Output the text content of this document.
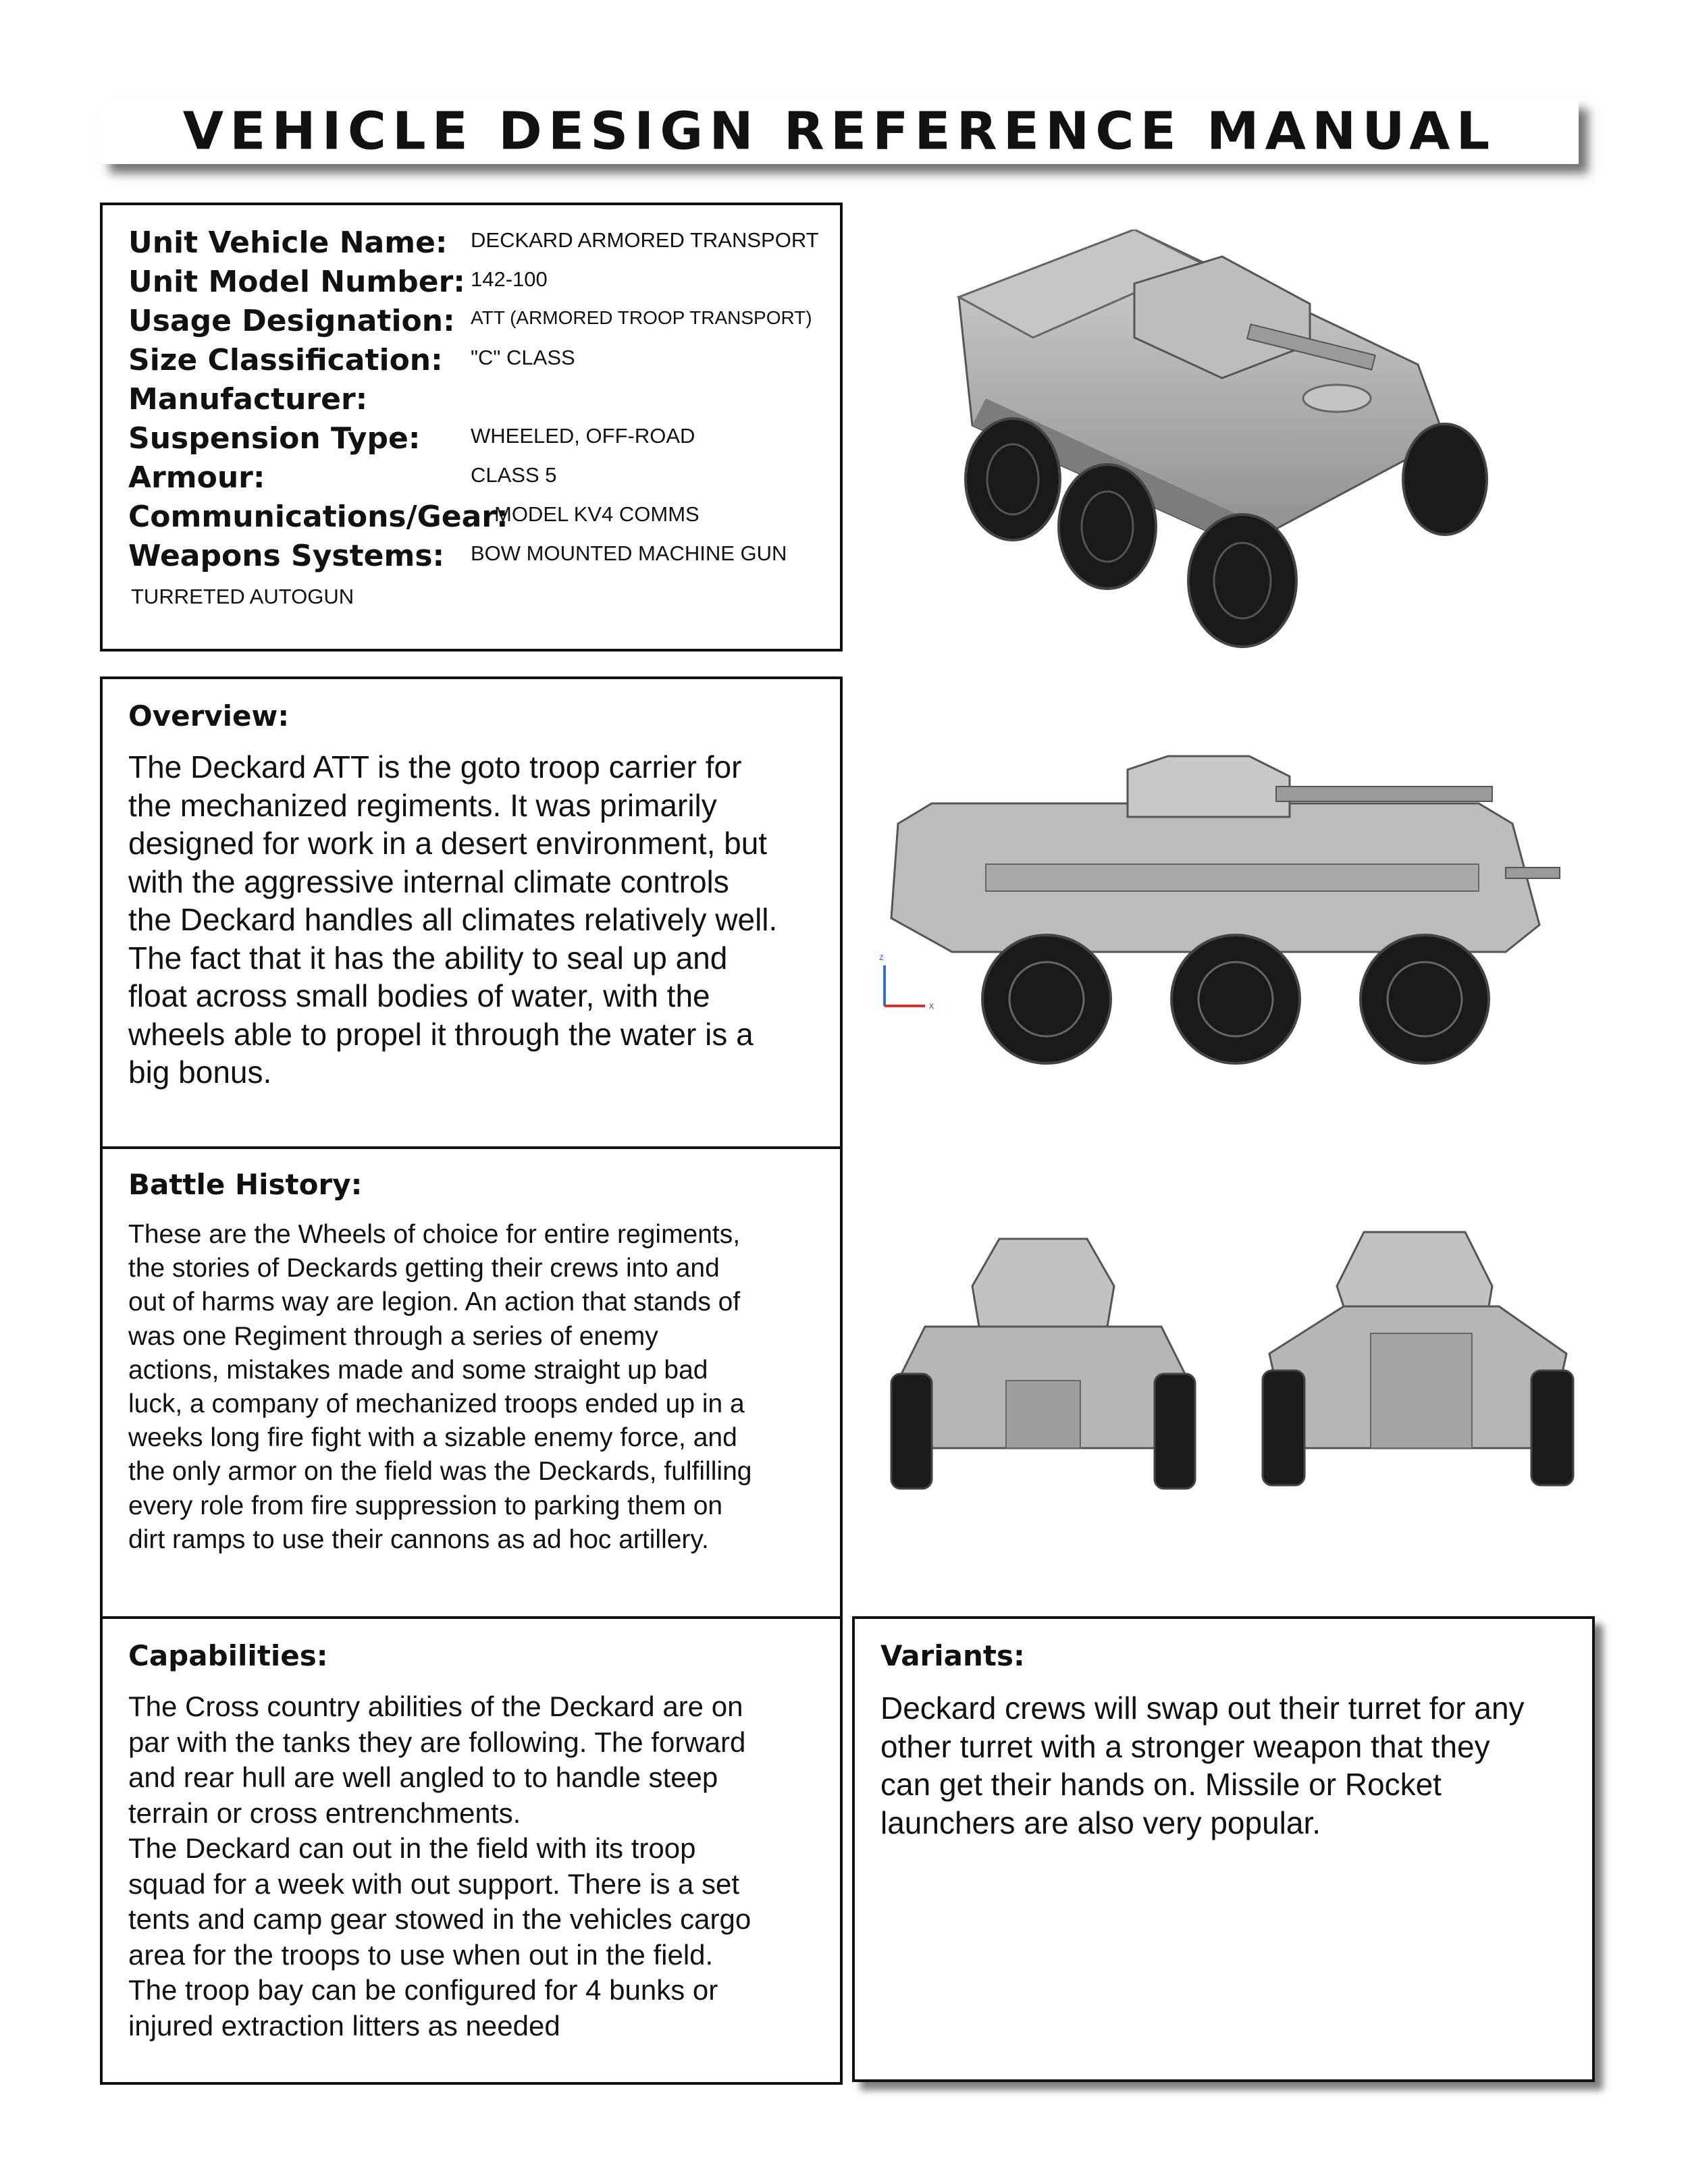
VEHICLE DESIGN REFERENCE MANUAL
Unit Vehicle Name: DECKARD ARMORED TRANSPORT
Unit Model Number: 142-100
Usage Designation: ATT (ARMORED TROOP TRANSPORT)
Size Classification: "C" CLASS
Manufacturer:
Suspension Type: WHEELED, OFF-ROAD
Armour:	CLASS 5
Communications/Gear:
MODEL KV4 COMMS
Weapons Systems: BOW MOUNTED MACHINE GUN
TURRETED AUTOGUN
Overview:
The Deckard ATT is the goto troop carrier for
the mechanized regiments. It was primarily
designed for work in a desert environment, but
with the aggressive internal climate controls
the Deckard handles all climates relatively well.
The fact that it has the ability to seal up and
float across small bodies of water, with the
wheels able to propel it through the water is a
big bonus.
Battle History:
These are the Wheels of choice for entire regiments,
the stories of Deckards getting their crews into and
out of harms way are legion. An action that stands of
was one Regiment through a series of enemy
actions, mistakes made and some straight up bad
luck, a company of mechanized troops ended up in a
weeks long fire fight with a sizable enemy force, and
the only armor on the field was the Deckards, fulfilling
every role from fire suppression to parking them on
dirt ramps to use their cannons as ad hoc artillery.
Capabilities:
The Cross country abilities of the Deckard are on
par with the tanks they are following. The forward
and rear hull are well angled to to handle steep
terrain or cross entrenchments.
The Deckard can out in the field with its troop
squad for a week with out support. There is a set
tents and camp gear stowed in the vehicles cargo
area for the troops to use when out in the field.
The troop bay can be configured for 4 bunks or
injured extraction litters as needed
Variants:
Deckard crews will swap out their turret for any
other turret with a stronger weapon that they
can get their hands on. Missile or Rocket
launchers are also very popular.
z
x
